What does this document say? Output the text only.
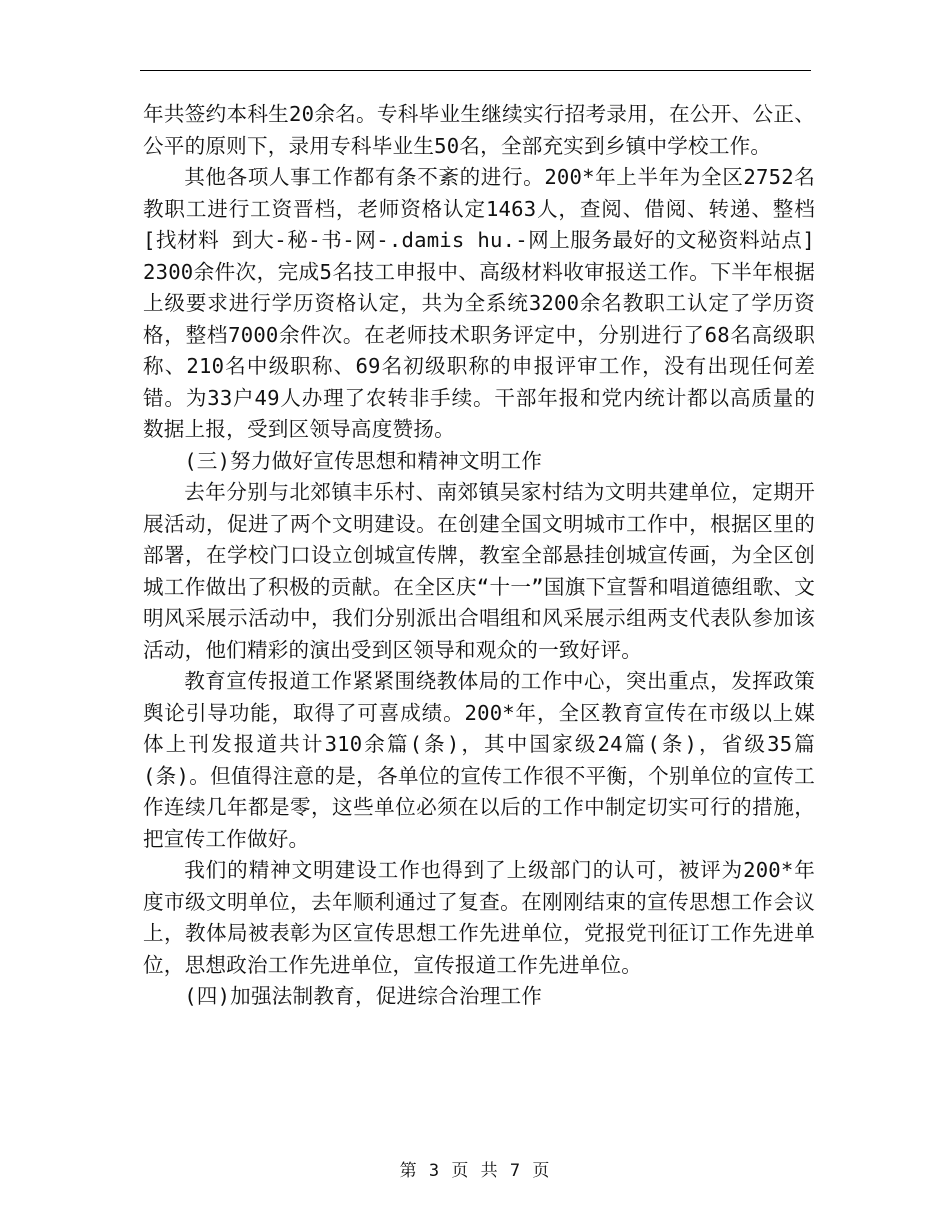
年共签约本科生20余名。专科毕业生继续实行招考录用，在公开、公正、公平的原则下，录用专科毕业生50名，全部充实到乡镇中学校工作。

其他各项人事工作都有条不紊的进行。200*年上半年为全区2752名教职工进行工资晋档，老师资格认定1463人，查阅、借阅、转递、整档[找材料 到大-秘-书-网-.damis hu.-网上服务最好的文秘资料站点]2300余件次，完成5名技工申报中、高级材料收审报送工作。下半年根据上级要求进行学历资格认定，共为全系统3200余名教职工认定了学历资格，整档7000余件次。在老师技术职务评定中，分别进行了68名高级职称、210名中级职称、69名初级职称的申报评审工作，没有出现任何差错。为33户49人办理了农转非手续。干部年报和党内统计都以高质量的数据上报，受到区领导高度赞扬。

(三)努力做好宣传思想和精神文明工作

去年分别与北郊镇丰乐村、南郊镇吴家村结为文明共建单位，定期开展活动，促进了两个文明建设。在创建全国文明城市工作中，根据区里的部署，在学校门口设立创城宣传牌，教室全部悬挂创城宣传画，为全区创城工作做出了积极的贡献。在全区庆“十一”国旗下宣誓和唱道德组歌、文明风采展示活动中，我们分别派出合唱组和风采展示组两支代表队参加该活动，他们精彩的演出受到区领导和观众的一致好评。

教育宣传报道工作紧紧围绕教体局的工作中心，突出重点，发挥政策舆论引导功能，取得了可喜成绩。200*年，全区教育宣传在市级以上媒体上刊发报道共计310余篇(条)，其中国家级24篇(条)，省级35篇(条)。但值得注意的是，各单位的宣传工作很不平衡，个别单位的宣传工作连续几年都是零，这些单位必须在以后的工作中制定切实可行的措施，把宣传工作做好。

我们的精神文明建设工作也得到了上级部门的认可，被评为200*年度市级文明单位，去年顺利通过了复查。在刚刚结束的宣传思想工作会议上，教体局被表彰为区宣传思想工作先进单位，党报党刊征订工作先进单位，思想政治工作先进单位，宣传报道工作先进单位。

(四)加强法制教育，促进综合治理工作

第 3 页 共 7 页
